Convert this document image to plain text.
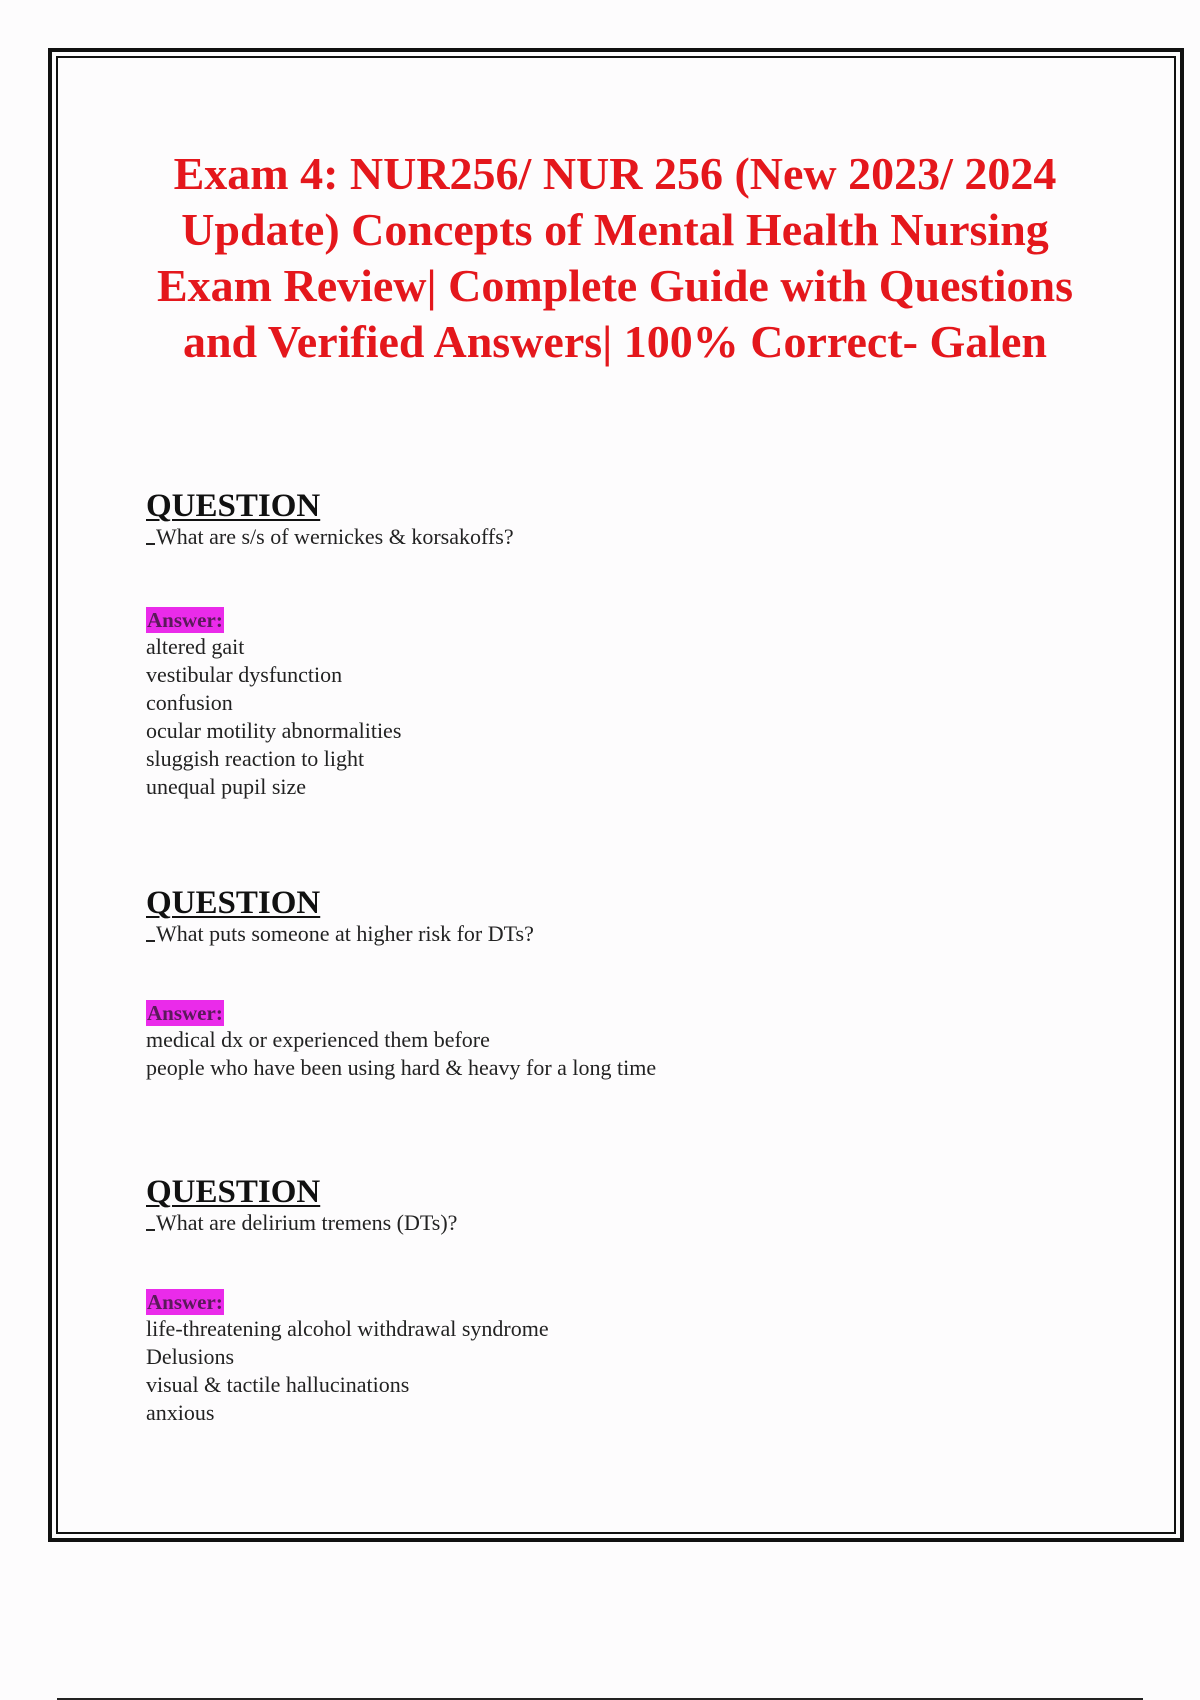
Exam 4: NUR256/ NUR 256 (New 2023/ 2024 Update) Concepts of Mental Health Nursing Exam Review| Complete Guide with Questions and Verified Answers| 100% Correct- Galen
QUESTION
What are s/s of wernickes & korsakoffs?
Answer:
altered gait
vestibular dysfunction
confusion
ocular motility abnormalities
sluggish reaction to light
unequal pupil size
QUESTION
What puts someone at higher risk for DTs?
Answer:
medical dx or experienced them before
people who have been using hard & heavy for a long time
QUESTION
What are delirium tremens (DTs)?
Answer:
life-threatening alcohol withdrawal syndrome
Delusions
visual & tactile hallucinations
anxious
